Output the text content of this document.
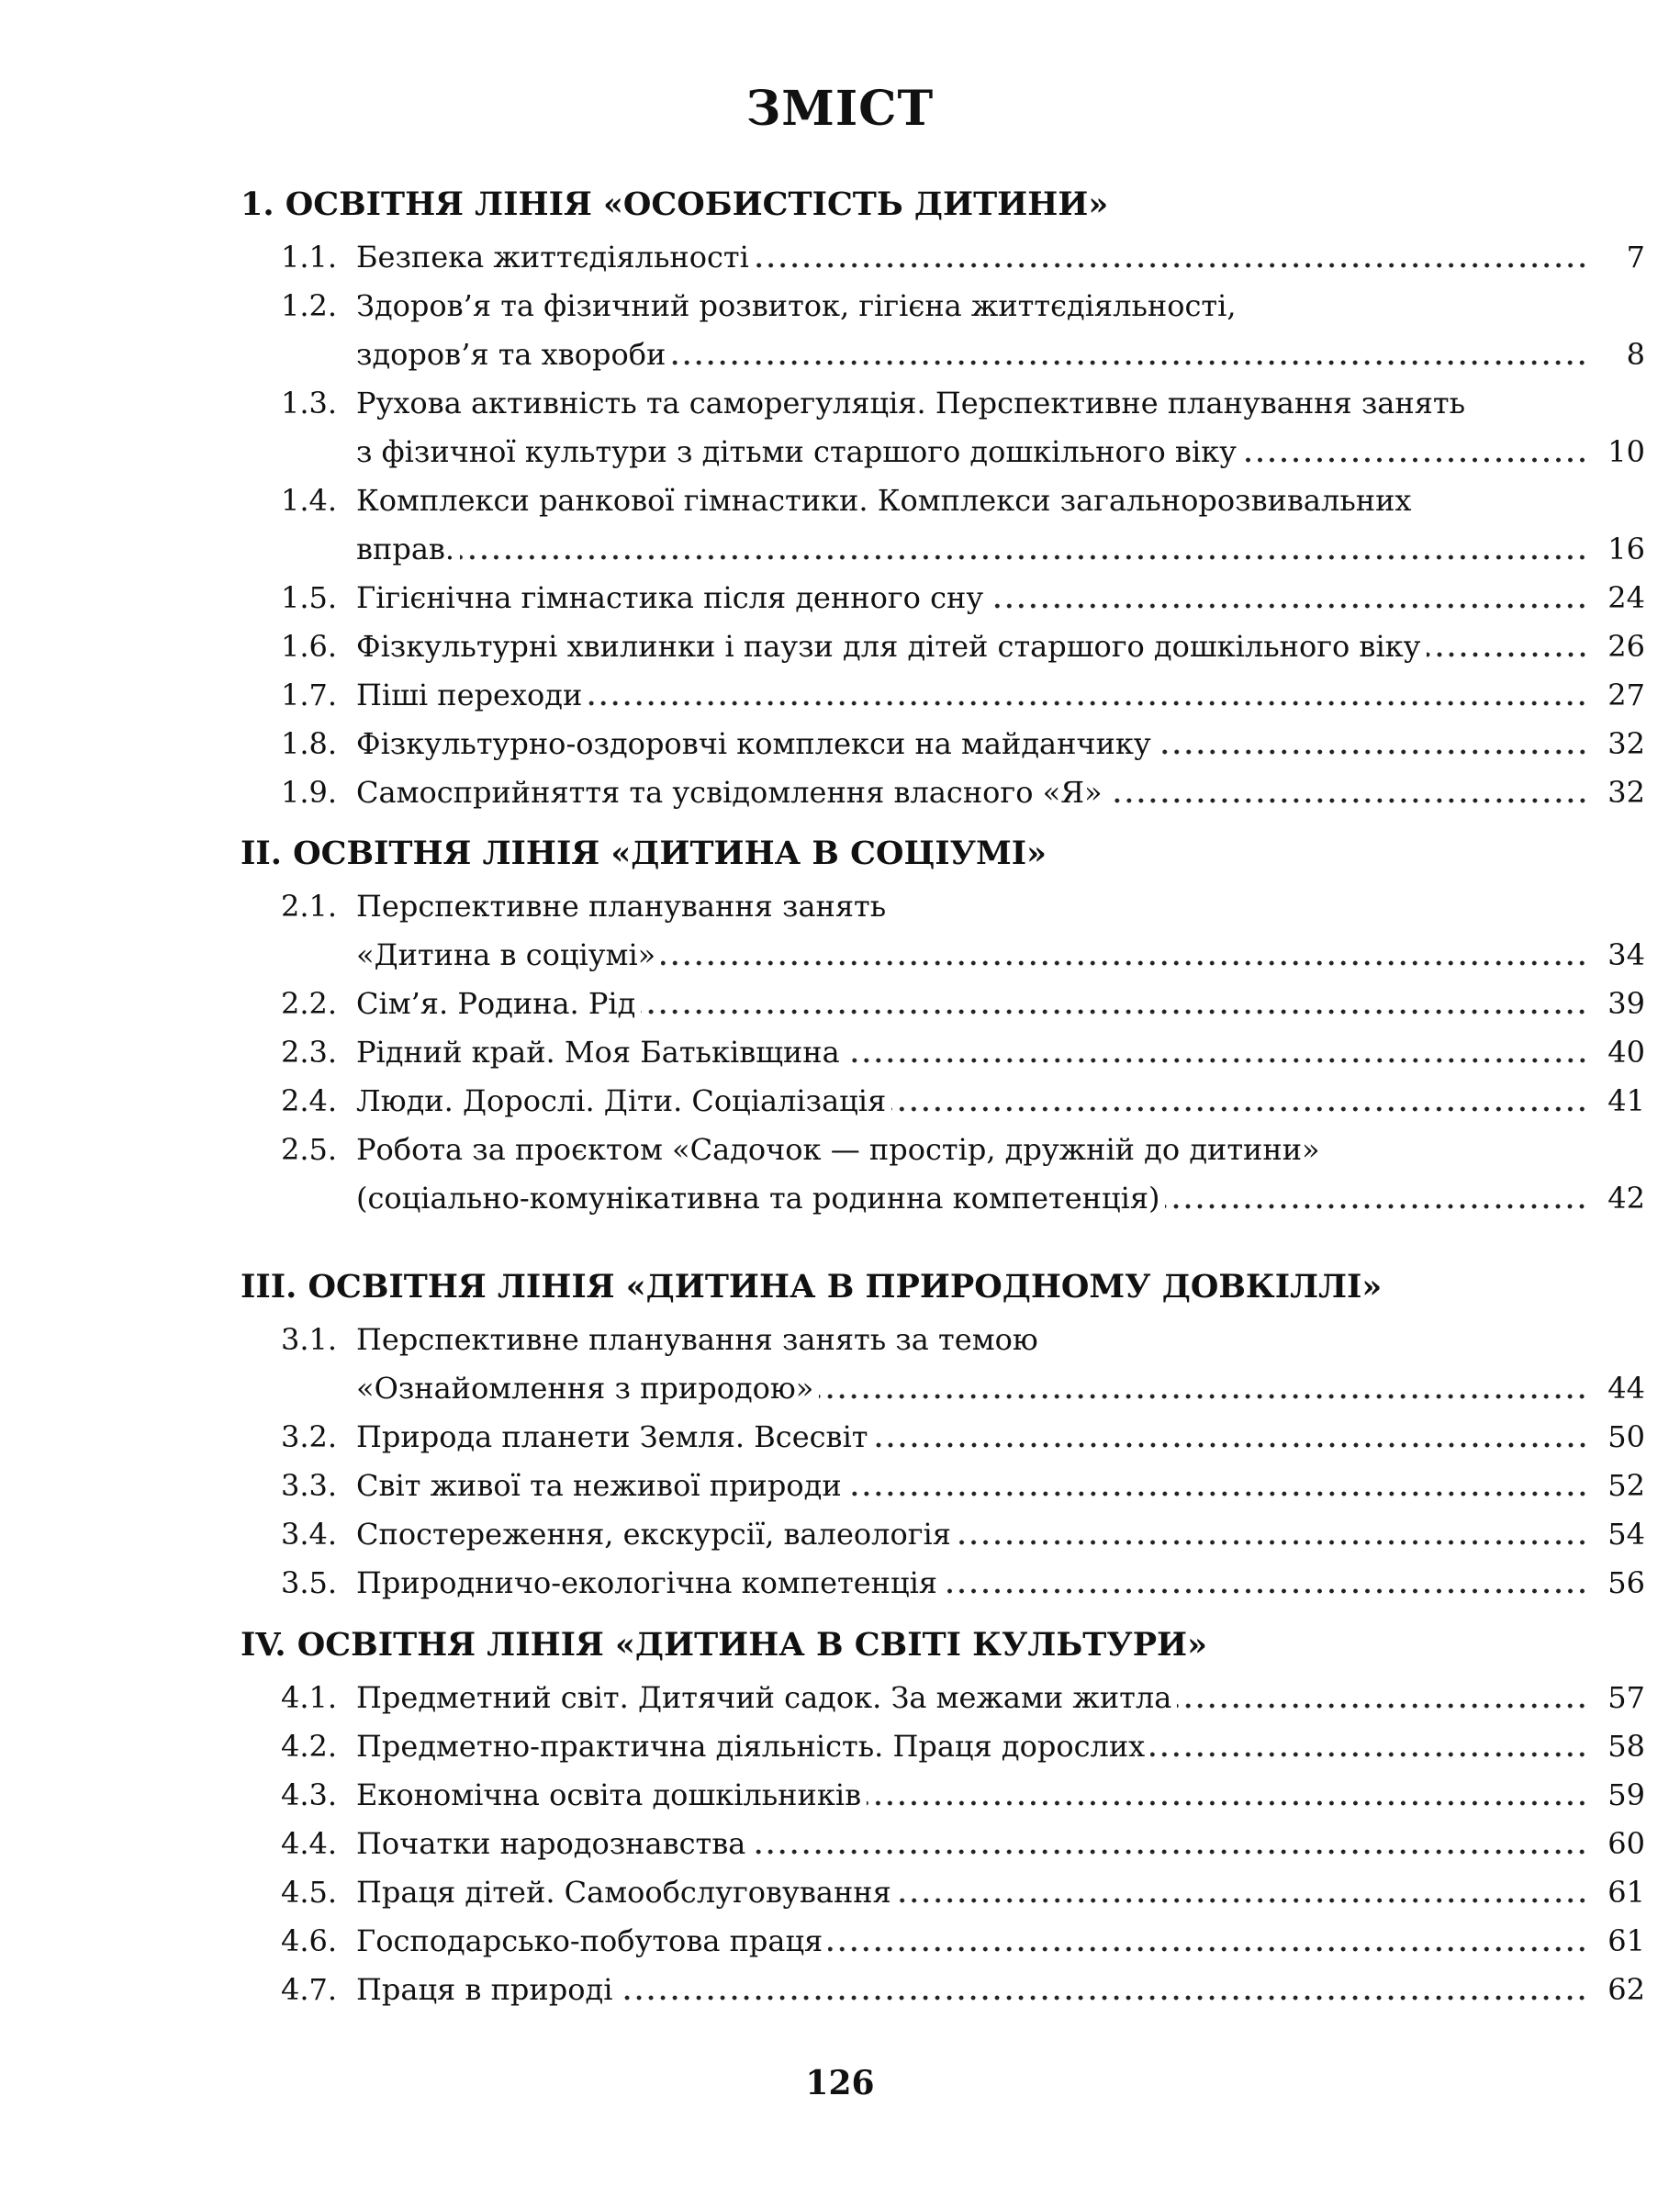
ЗМІСТ
1. ОСВІТНЯ ЛІНІЯ «ОСОБИСТІСТЬ ДИТИНИ»
1.1. Безпека життєдіяльності	7
1.2. Здоров’я та фізичний розвиток, гігієна життєдіяльності,
здоров’я та хвороби	8
1.3. Рухова активність та саморегуляція. Перспективне планування занять
з фізичної культури з дітьми старшого дошкільного віку	10
1.4. Комплекси ранкової гімнастики. Комплекси загальнорозвивальних
вправ.	16
1.5. Гігієнічна гімнастика після денного сну	24
1.6. Фізкультурні хвилинки і паузи для дітей старшого дошкільного віку	26
1.7. Піші переходи	27
1.8. Фізкультурно-оздоровчі комплекси на майданчику	32
1.9. Самосприйняття та усвідомлення власного «Я»	32
ІІ. ОСВІТНЯ ЛІНІЯ «ДИТИНА В СОЦІУМІ»
2.1. Перспективне планування занять
«Дитина в соціумі»	34
2.2. Сім’я. Родина. Рід	39
2.3. Рідний край. Моя Батьківщина	40
2.4. Люди. Дорослі. Діти. Соціалізація	41
2.5. Робота за проєктом «Садочок — простір, дружній до дитини»
(соціально-комунікативна та родинна компетенція)	42
ІІІ. ОСВІТНЯ ЛІНІЯ «ДИТИНА В ПРИРОДНОМУ ДОВКІЛЛІ»
3.1. Перспективне планування занять за темою
«Ознайомлення з природою»	44
3.2. Природа планети Земля. Всесвіт	50
3.3. Світ живої та неживої природи	52
3.4. Спостереження, екскурсії, валеологія	54
3.5. Природничо-екологічна компетенція	56
IV. ОСВІТНЯ ЛІНІЯ «ДИТИНА В СВІТІ КУЛЬТУРИ»
4.1. Предметний світ. Дитячий садок. За межами житла	57
4.2. Предметно-практична діяльність. Праця дорослих	58
4.3. Економічна освіта дошкільників	59
4.4. Початки народознавства	60
4.5. Праця дітей. Самообслуговування	61
4.6. Господарсько-побутова праця	61
4.7. Праця в природі	62
126
